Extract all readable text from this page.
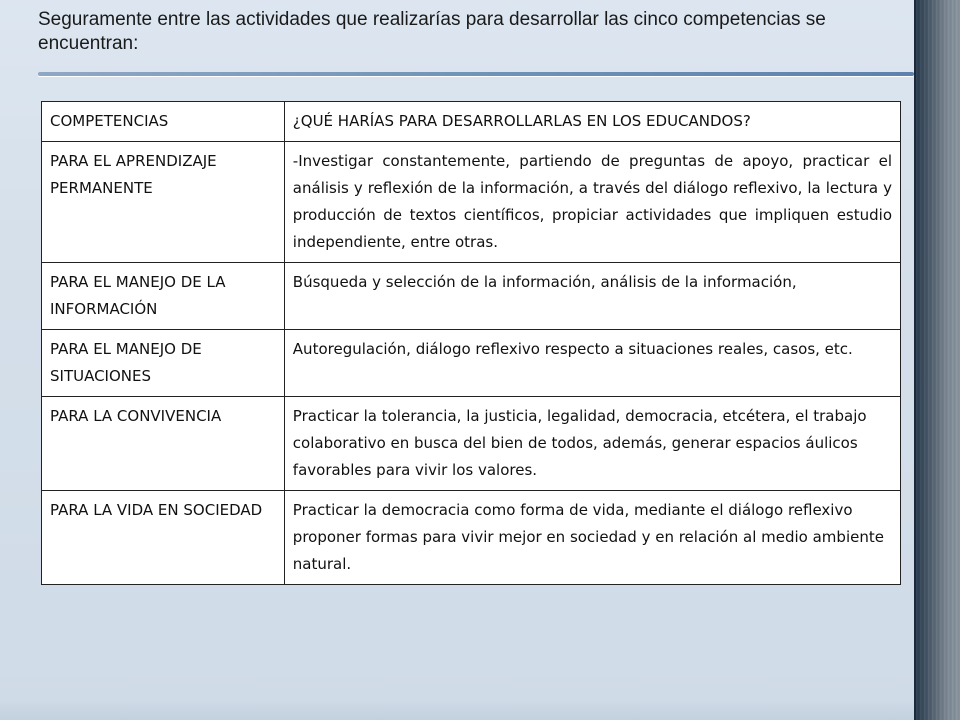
Seguramente entre las actividades que realizarías para desarrollar las cinco competencias se encuentran:
COMPETENCIAS	¿QUÉ HARÍAS PARA DESARROLLARLAS EN LOS EDUCANDOS?
PARA EL APRENDIZAJE PERMANENTE	-Investigar constantemente, partiendo de preguntas de apoyo, practicar el análisis y reflexión de la información, a través del diálogo reflexivo, la lectura y producción de textos científicos, propiciar actividades que impliquen estudio independiente, entre otras.
PARA EL MANEJO DE LA INFORMACIÓN	Búsqueda y selección de la información, análisis de la información,
PARA EL MANEJO DE SITUACIONES	Autoregulación, diálogo reflexivo respecto a situaciones reales, casos, etc.
PARA LA CONVIVENCIA	Practicar la tolerancia, la justicia, legalidad, democracia, etcétera, el trabajo colaborativo en busca del bien de todos, además, generar espacios áulicos favorables para vivir los valores.
PARA LA VIDA EN SOCIEDAD	Practicar la democracia como forma de vida, mediante el diálogo reflexivo proponer formas para vivir mejor en sociedad y en relación al medio ambiente natural.
